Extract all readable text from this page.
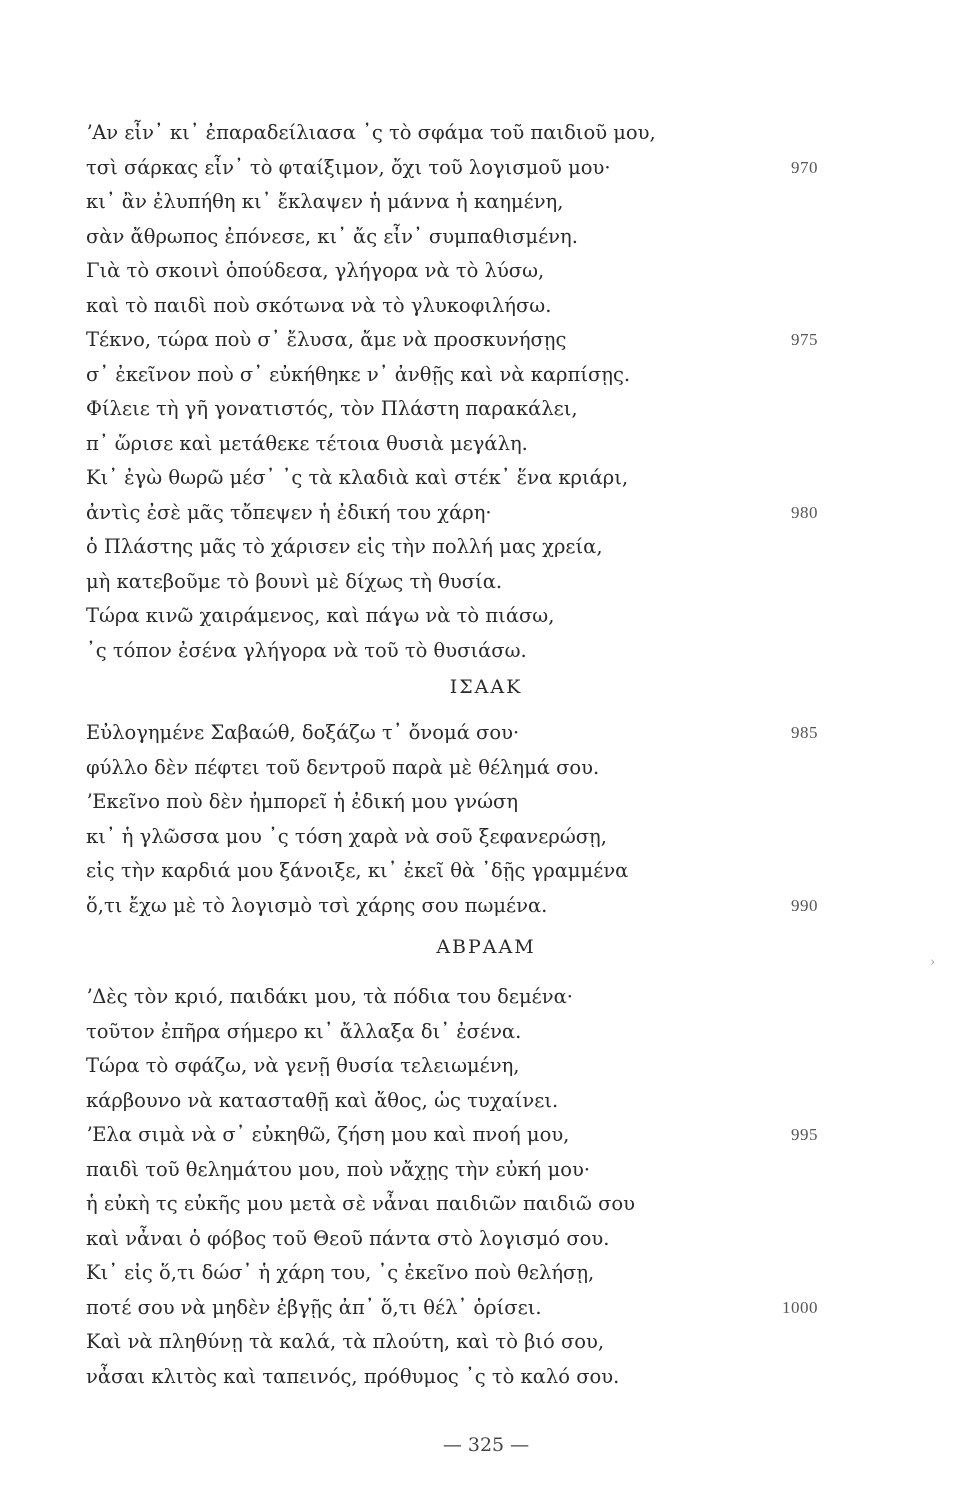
ʼΑν εἶν᾽ κι᾽ ἐπαραδείλιασα ᾽ς τὸ σφάμα τοῦ παιδιοῦ μου,
τσὶ σάρκας εἶν᾽ τὸ φταίξιμον, ὄχι τοῦ λογισμοῦ μου·	970
κι᾽ ἂν ἐλυπήθη κι᾽ ἔκλαψεν ἡ μάννα ἡ καημένη,
σὰν ἄθρωπος ἐπόνεσε, κι᾽ ἄς εἶν᾽ συμπαθισμένη.
Γιὰ τὸ σκοινὶ ὁπούδεσα, γλήγορα νὰ τὸ λύσω,
καὶ τὸ παιδὶ ποὺ σκότωνα νὰ τὸ γλυκοφιλήσω.
Τέκνο, τώρα ποὺ σ᾽ ἔλυσα, ἄμε νὰ προσκυνήσῃς	975
σ᾽ ἐκεῖνον ποὺ σ᾽ εὐκήθηκε ν᾽ ἀνθῇς καὶ νὰ καρπίσῃς.
Φίλειε τὴ γῆ γονατιστός, τὸν Πλάστη παρακάλει,
π᾽ ὥρισε καὶ μετάθεκε τέτοια θυσιὰ μεγάλη.
Κι᾽ ἐγὼ θωρῶ μέσ᾽ ᾽ς τὰ κλαδιὰ καὶ στέκ᾽ ἕνα κριάρι,
ἀντὶς ἐσὲ μᾶς τὄπεψεν ἡ ἐδική του χάρη·	980
ὁ Πλάστης μᾶς τὸ χάρισεν εἰς τὴν πολλή μας χρεία,
μὴ κατεβοῦμε τὸ βουνὶ μὲ δίχως τὴ θυσία.
Τώρα κινῶ χαιράμενος, καὶ πάγω νὰ τὸ πιάσω,
᾽ς τόπον ἐσένα γλήγορα νὰ τοῦ τὸ θυσιάσω.
ΙΣΑΑΚ
Εὐλογημένε Σαβαώθ, δοξάζω τ᾽ ὄνομά σου·	985
φύλλο δὲν πέφτει τοῦ δεντροῦ παρὰ μὲ θέλημά σου.
ʼΕκεῖνο ποὺ δὲν ἠμπορεῖ ἡ ἐδική μου γνώση
κι᾽ ἡ γλῶσσα μου ᾽ς τόση χαρὰ νὰ σοῦ ξεφανερώσῃ,
εἰς τὴν καρδιά μου ξάνοιξε, κι᾽ ἐκεῖ θὰ ᾽δῇς γραμμένα
ὅ,τι ἔχω μὲ τὸ λογισμὸ τσὶ χάρης σου πωμένα.	990
ΑΒΡΑΑΜ
ʼΔὲς τὸν κριό, παιδάκι μου, τὰ πόδια του δεμένα·
τοῦτον ἐπῆρα σήμερο κι᾽ ἄλλαξα δι᾽ ἐσένα.
Τώρα τὸ σφάζω, νὰ γενῇ θυσία τελειωμένη,
κάρβουνο νὰ κατασταθῇ καὶ ἄθος, ὡς τυχαίνει.
ʼΕλα σιμὰ νὰ σ᾽ εὐκηθῶ, ζήση μου καὶ πνοή μου,	995
παιδὶ τοῦ θελημάτου μου, ποὺ νἄχῃς τὴν εὐκή μου·
ἡ εὐκὴ τς εὐκῆς μου μετὰ σὲ νἆναι παιδιῶν παιδιῶ σου
καὶ νἆναι ὁ φόβος τοῦ Θεοῦ πάντα στὸ λογισμό σου.
Κι᾽ εἰς ὅ,τι δώσ᾽ ἡ χάρη του, ᾽ς ἐκεῖνο ποὺ θελήσῃ,
ποτέ σου νὰ μηδὲν ἐβγῇς ἀπ᾽ ὅ,τι θέλ᾽ ὁρίσει.	1000
Καὶ νὰ πληθύνῃ τὰ καλά, τὰ πλούτη, καὶ τὸ βιό σου,
νἆσαι κλιτὸς καὶ ταπεινός, πρόθυμος ᾽ς τὸ καλό σου.
›
— 325 —
